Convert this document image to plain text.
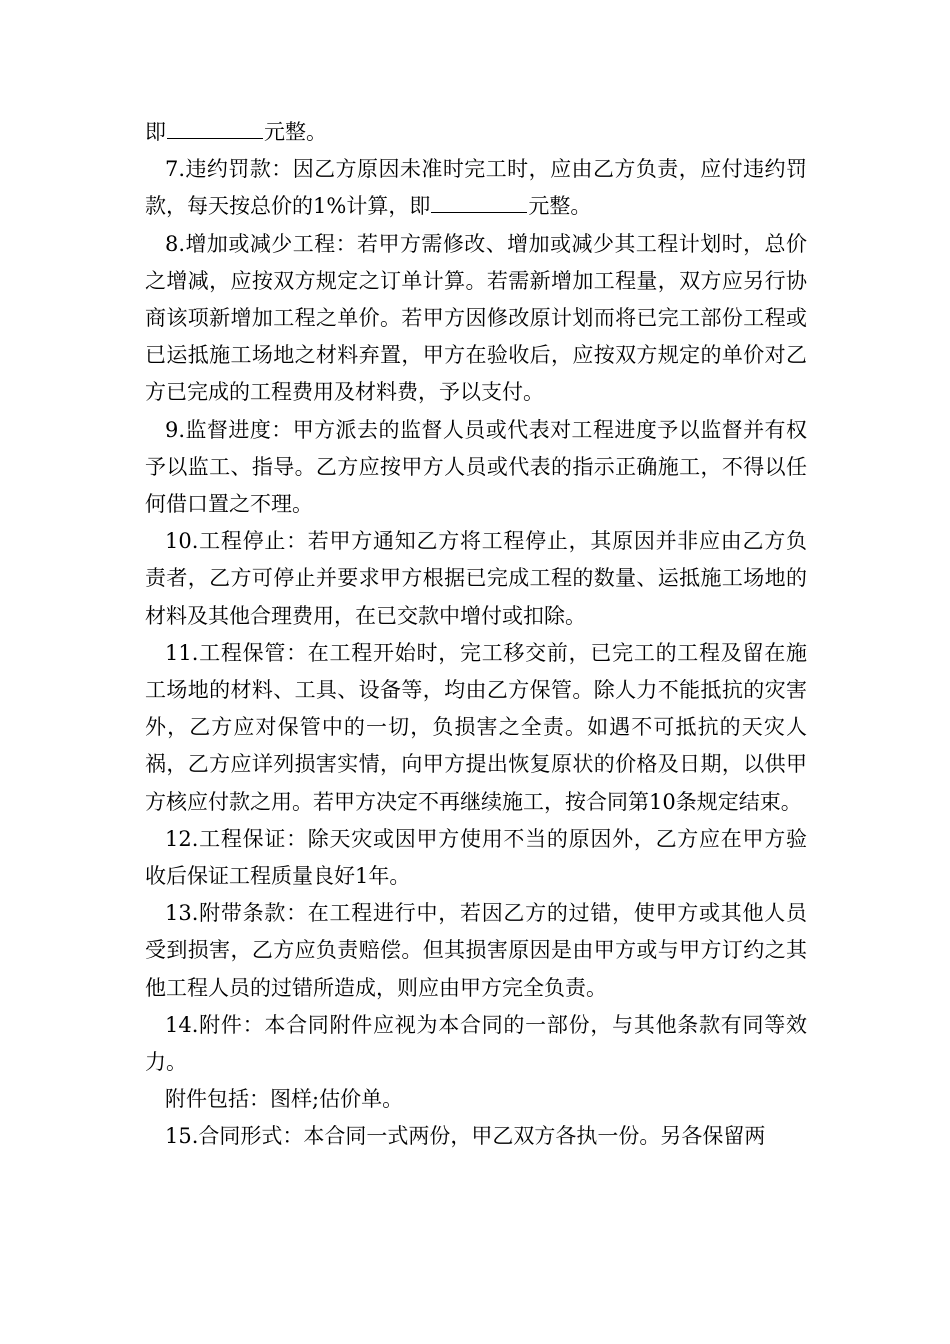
即	元整。

7.违约罚款：因乙方原因未准时完工时，应由乙方负责，应付违约罚款，每天按总价的1%计算，即	元整。

8.增加或减少工程：若甲方需修改、增加或减少其工程计划时，总价之增减，应按双方规定之订单计算。若需新增加工程量，双方应另行协商该项新增加工程之单价。若甲方因修改原计划而将已完工部份工程或已运抵施工场地之材料弃置，甲方在验收后，应按双方规定的单价对乙方已完成的工程费用及材料费，予以支付。

9.监督进度：甲方派去的监督人员或代表对工程进度予以监督并有权予以监工、指导。乙方应按甲方人员或代表的指示正确施工，不得以任何借口置之不理。

10.工程停止：若甲方通知乙方将工程停止，其原因并非应由乙方负责者，乙方可停止并要求甲方根据已完成工程的数量、运抵施工场地的材料及其他合理费用，在已交款中增付或扣除。

11.工程保管：在工程开始时，完工移交前，已完工的工程及留在施工场地的材料、工具、设备等，均由乙方保管。除人力不能抵抗的灾害外，乙方应对保管中的一切，负损害之全责。如遇不可抵抗的天灾人祸，乙方应详列损害实情，向甲方提出恢复原状的价格及日期，以供甲方核应付款之用。若甲方决定不再继续施工，按合同第10条规定结束。

12.工程保证：除天灾或因甲方使用不当的原因外，乙方应在甲方验收后保证工程质量良好1年。

13.附带条款：在工程进行中，若因乙方的过错，使甲方或其他人员受到损害，乙方应负责赔偿。但其损害原因是由甲方或与甲方订约之其他工程人员的过错所造成，则应由甲方完全负责。

14.附件：本合同附件应视为本合同的一部份，与其他条款有同等效力。

附件包括：图样;估价单。

15.合同形式：本合同一式两份，甲乙双方各执一份。另各保留两
